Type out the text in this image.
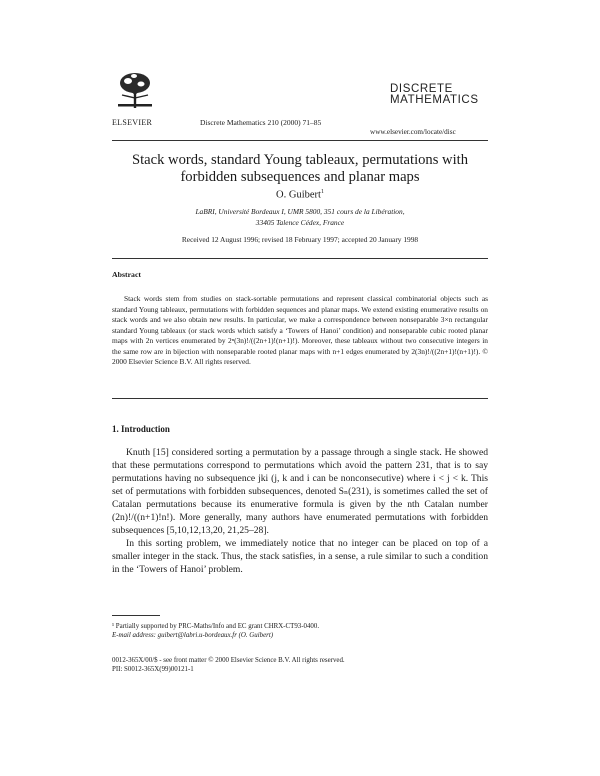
ELSEVIER	Discrete Mathematics 210 (2000) 71–85
DISCRETE
MATHEMATICS
www.elsevier.com/locate/disc
Stack words, standard Young tableaux, permutations with
forbidden subsequences and planar maps
O. Guibert$^1$
LaBRI, Université Bordeaux I, UMR 5800, 351 cours de la Libération,
33405 Talence Cédex, France
Received 12 August 1996; revised 18 February 1997; accepted 20 January 1998
Abstract
Stack words stem from studies on stack-sortable permutations and represent classical combinatorial objects such as standard Young tableaux, permutations with forbidden sequences and planar maps. We extend existing enumerative results on stack words and we also obtain new results. In particular, we make a correspondence between nonseparable 3×n rectangular standard Young tableaux (or stack words which satisfy a ‘Towers of Hanoi’ condition) and nonseparable cubic rooted planar maps with 2n vertices enumerated by 2ⁿ(3n)!/((2n+1)!(n+1)!). Moreover, these tableaux without two consecutive integers in the same row are in bijection with nonseparable rooted planar maps with n+1 edges enumerated by 2(3n)!/((2n+1)!(n+1)!). © 2000 Elsevier Science B.V. All rights reserved.
1. Introduction

Knuth [15] considered sorting a permutation by a passage through a single stack. He showed that these permutations correspond to permutations which avoid the pattern 231, that is to say permutations having no subsequence jki (j, k and i can be nonconsecutive) where i < j < k. This set of permutations with forbidden subsequences, denoted Sₙ(231), is sometimes called the set of Catalan permutations because its enumerative formula is given by the nth Catalan number (2n)!/((n+1)!n!). More generally, many authors have enumerated permutations with forbidden subsequences [5,10,12,13,20, 21,25–28].

In this sorting problem, we immediately notice that no integer can be placed on top of a smaller integer in the stack. Thus, the stack satisfies, in a sense, a rule similar to such a condition in the ‘Towers of Hanoi’ problem.

¹ Partially supported by PRC-Maths/Info and EC grant CHRX-CT93-0400.
E-mail address: guibert@labri.u-bordeaux.fr (O. Guibert)
0012-365X/00/$ - see front matter © 2000 Elsevier Science B.V. All rights reserved.
PII: S0012-365X(99)00121-1
